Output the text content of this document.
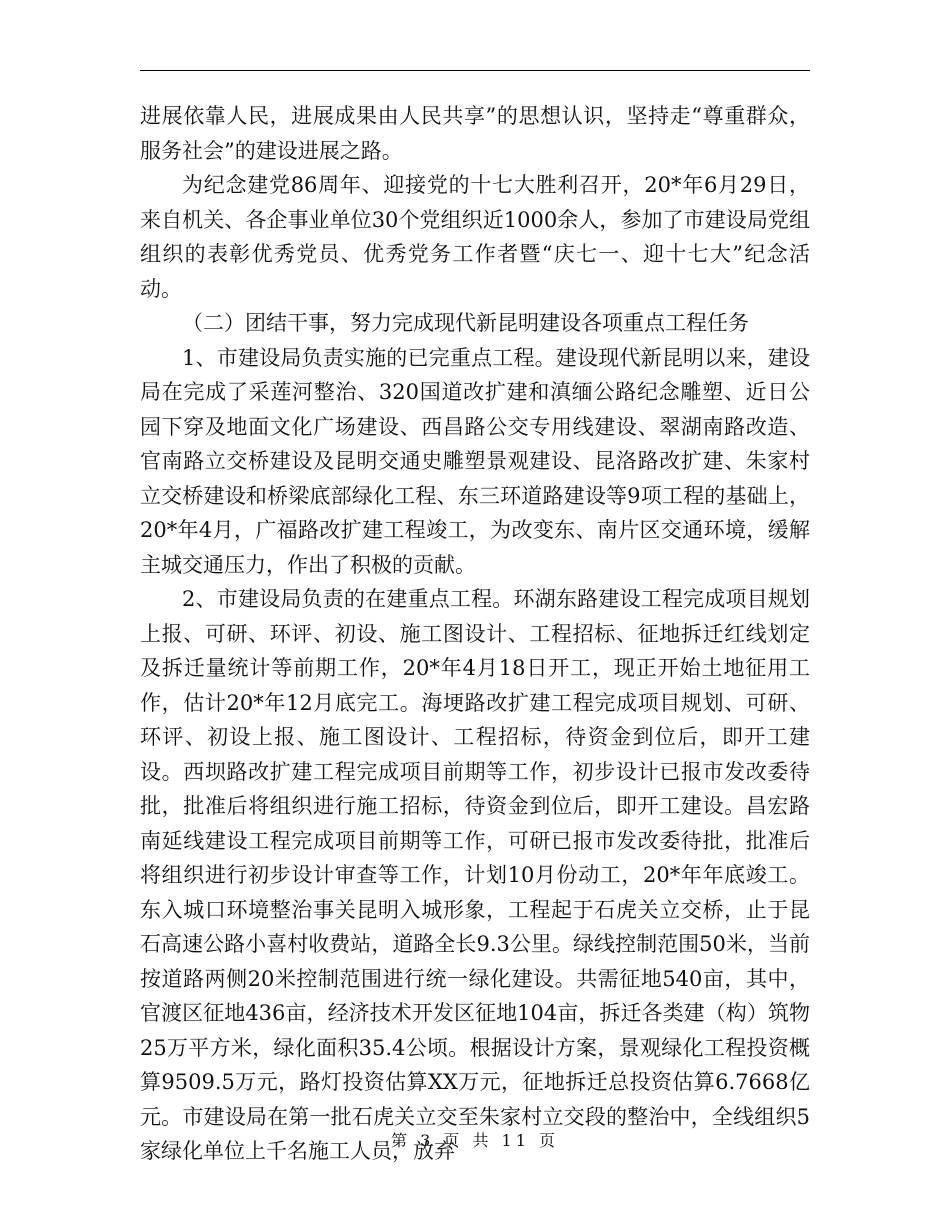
进展依靠人民，进展成果由人民共享”的思想认识，坚持走“尊重群众，服务社会”的建设进展之路。

为纪念建党86周年、迎接党的十七大胜利召开，20*年6月29日，来自机关、各企事业单位30个党组织近1000余人，参加了市建设局党组组织的表彰优秀党员、优秀党务工作者暨“庆七一、迎十七大”纪念活动。

（二）团结干事，努力完成现代新昆明建设各项重点工程任务

1、市建设局负责实施的已完重点工程。建设现代新昆明以来，建设局在完成了采莲河整治、320国道改扩建和滇缅公路纪念雕塑、近日公园下穿及地面文化广场建设、西昌路公交专用线建设、翠湖南路改造、官南路立交桥建设及昆明交通史雕塑景观建设、昆洛路改扩建、朱家村立交桥建设和桥梁底部绿化工程、东三环道路建设等9项工程的基础上，20*年4月，广福路改扩建工程竣工，为改变东、南片区交通环境，缓解主城交通压力，作出了积极的贡献。

2、市建设局负责的在建重点工程。环湖东路建设工程完成项目规划上报、可研、环评、初设、施工图设计、工程招标、征地拆迁红线划定及拆迁量统计等前期工作，20*年4月18日开工，现正开始土地征用工作，估计20*年12月底完工。海埂路改扩建工程完成项目规划、可研、环评、初设上报、施工图设计、工程招标，待资金到位后，即开工建设。西坝路改扩建工程完成项目前期等工作，初步设计已报市发改委待批，批准后将组织进行施工招标，待资金到位后，即开工建设。昌宏路南延线建设工程完成项目前期等工作，可研已报市发改委待批，批准后将组织进行初步设计审查等工作，计划10月份动工，20*年年底竣工。东入城口环境整治事关昆明入城形象，工程起于石虎关立交桥，止于昆石高速公路小喜村收费站，道路全长9.3公里。绿线控制范围50米，当前按道路两侧20米控制范围进行统一绿化建设。共需征地540亩，其中，官渡区征地436亩，经济技术开发区征地104亩，拆迁各类建（构）筑物25万平方米，绿化面积35.4公顷。根据设计方案，景观绿化工程投资概算9509.5万元，路灯投资估算XX万元，征地拆迁总投资估算6.7668亿元。市建设局在第一批石虎关立交至朱家村立交段的整治中，全线组织5家绿化单位上千名施工人员，放弃

第 3 页 共 11 页
